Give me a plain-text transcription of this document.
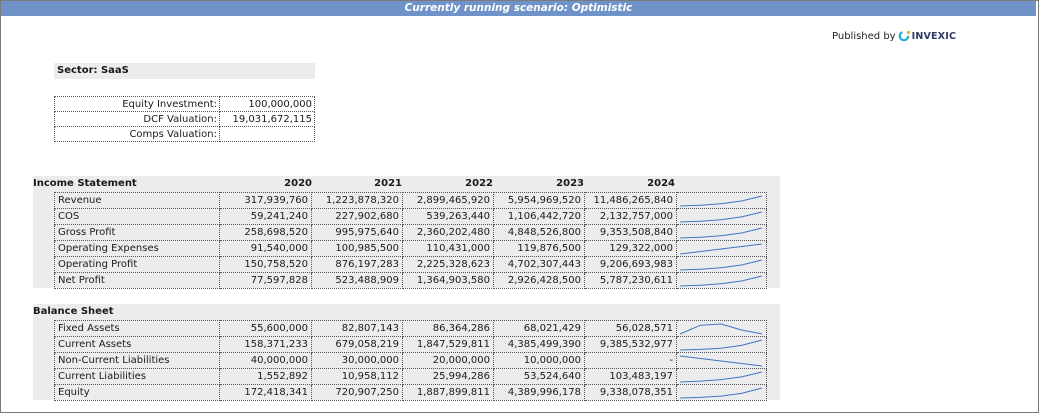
Currently running scenario: Optimistic
Published by INVEXIC
Sector: SaaS
Equity Investment:	100,000,000
DCF Valuation:	19,031,672,115
Comps Valuation:	
Income Statement	2020	2021	2022	2023	2024
Revenue	317,939,760	1,223,878,320	2,899,465,920	5,954,969,520	11,486,265,840	

COS	59,241,240	227,902,680	539,263,440	1,106,442,720	2,132,757,000	

Gross Profit	258,698,520	995,975,640	2,360,202,480	4,848,526,800	9,353,508,840	

Operating Expenses	91,540,000	100,985,500	110,431,000	119,876,500	129,322,000	

Operating Profit	150,758,520	876,197,283	2,225,328,623	4,702,307,443	9,206,693,983	

Net Profit	77,597,828	523,488,909	1,364,903,580	2,926,428,500	5,787,230,611	
Balance Sheet
Fixed Assets	55,600,000	82,807,143	86,364,286	68,021,429	56,028,571	

Current Assets	158,371,233	679,058,219	1,847,529,811	4,385,499,390	9,385,532,977	

Non-Current Liabilities	40,000,000	30,000,000	20,000,000	10,000,000	-	

Current Liabilities	1,552,892	10,958,112	25,994,286	53,524,640	103,483,197	

Equity	172,418,341	720,907,250	1,887,899,811	4,389,996,178	9,338,078,351	
